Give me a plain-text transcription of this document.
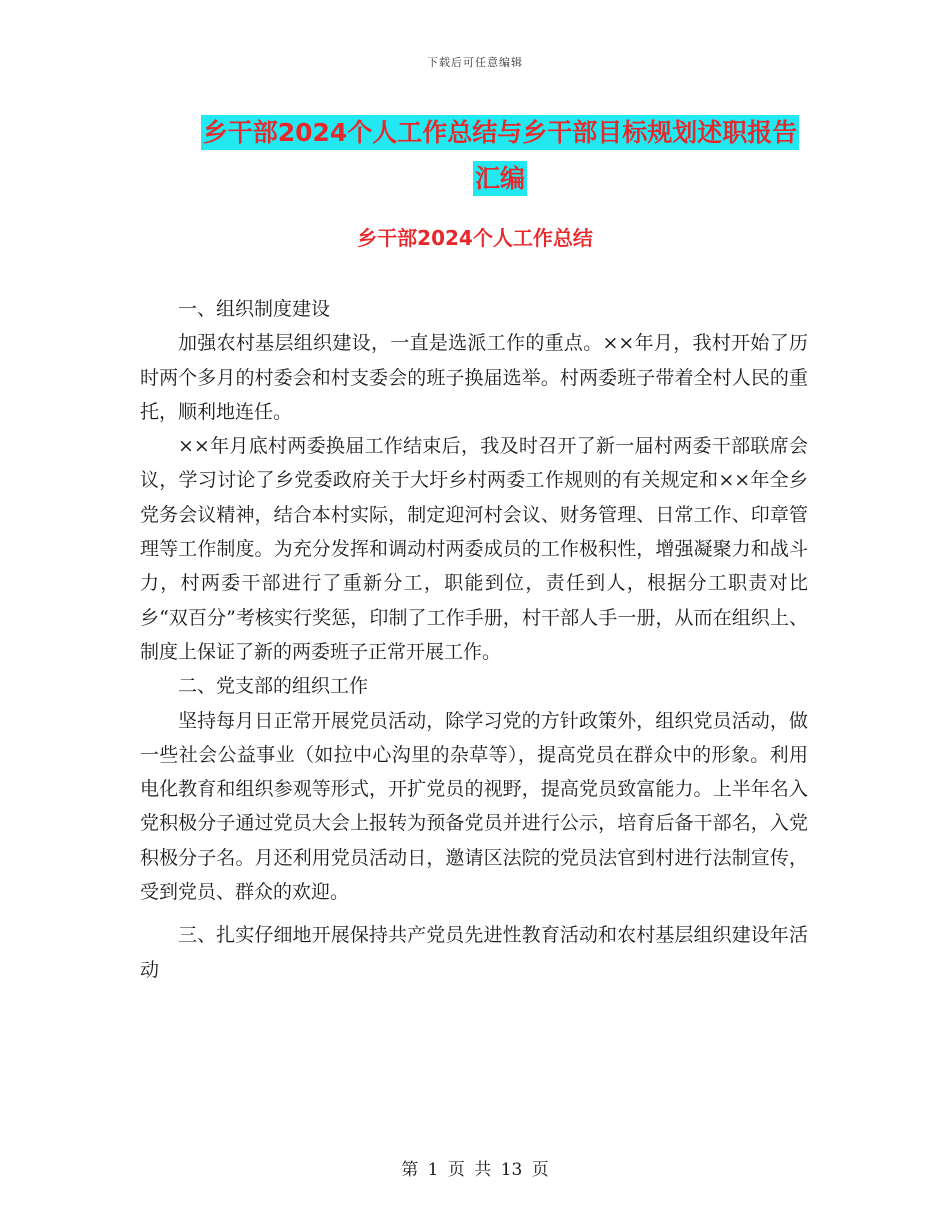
下载后可任意编辑
乡干部2024个人工作总结与乡干部目标规划述职报告
汇编
乡干部2024个人工作总结

一、组织制度建设

加强农村基层组织建设，一直是选派工作的重点。××年月，我村开始了历时两个多月的村委会和村支委会的班子换届选举。村两委班子带着全村人民的重托，顺利地连任。

××年月底村两委换届工作结束后，我及时召开了新一届村两委干部联席会议，学习讨论了乡党委政府关于大圩乡村两委工作规则的有关规定和××年全乡党务会议精神，结合本村实际，制定迎河村会议、财务管理、日常工作、印章管理等工作制度。为充分发挥和调动村两委成员的工作极积性，增强凝聚力和战斗力，村两委干部进行了重新分工，职能到位，责任到人，根据分工职责对比乡“双百分”考核实行奖惩，印制了工作手册，村干部人手一册，从而在组织上、制度上保证了新的两委班子正常开展工作。

二、党支部的组织工作

坚持每月日正常开展党员活动，除学习党的方针政策外，组织党员活动，做一些社会公益事业（如拉中心沟里的杂草等），提高党员在群众中的形象。利用电化教育和组织参观等形式，开扩党员的视野，提高党员致富能力。上半年名入党积极分子通过党员大会上报转为预备党员并进行公示，培育后备干部名，入党积极分子名。月还利用党员活动日，邀请区法院的党员法官到村进行法制宣传，受到党员、群众的欢迎。

三、扎实仔细地开展保持共产党员先进性教育活动和农村基层组织建设年活动

第 1 页 共 13 页
